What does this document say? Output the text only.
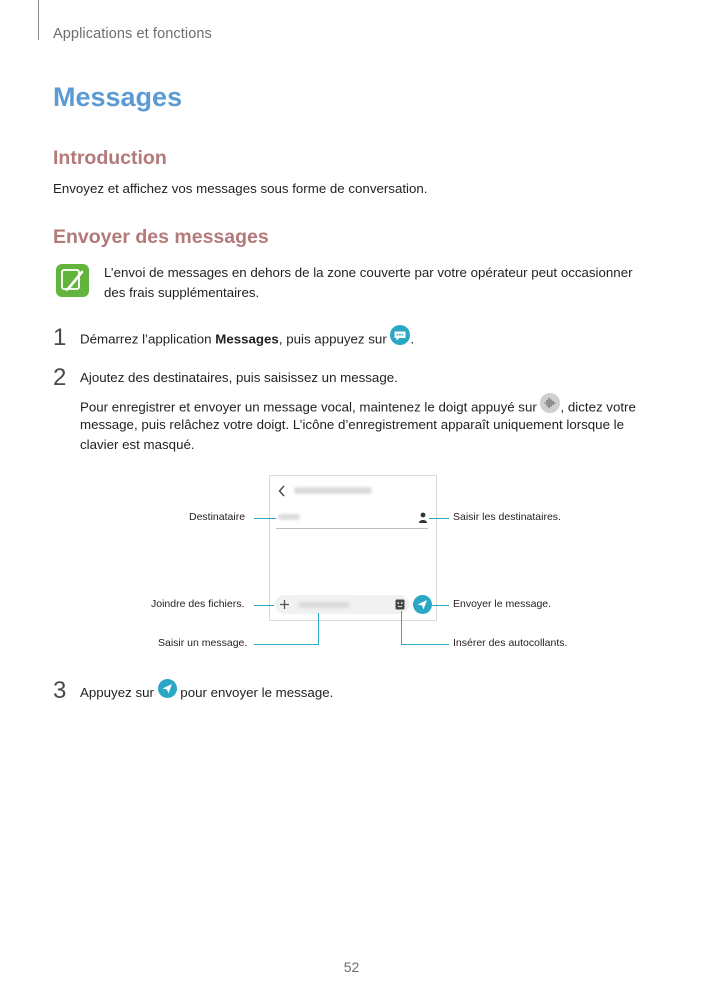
Applications et fonctions
Messages
Introduction
Envoyez et affichez vos messages sous forme de conversation.
Envoyer des messages
L’envoi de messages en dehors de la zone couverte par votre opérateur peut occasionner
des frais supplémentaires.
1 Démarrez l’application Messages, puis appuyez sur .
2 Ajoutez des destinataires, puis saisissez un message.
Pour enregistrer et envoyer un message vocal, maintenez le doigt appuyé sur , dictez votre
message, puis relâchez votre doigt. L’icône d’enregistrement apparaît uniquement lorsque le
clavier est masqué.
Destinataire	Saisir les destinataires.
Joindre des fichiers.	Envoyer le message.
Saisir un message.	Insérer des autocollants.
3 Appuyez sur  pour envoyer le message.
52
